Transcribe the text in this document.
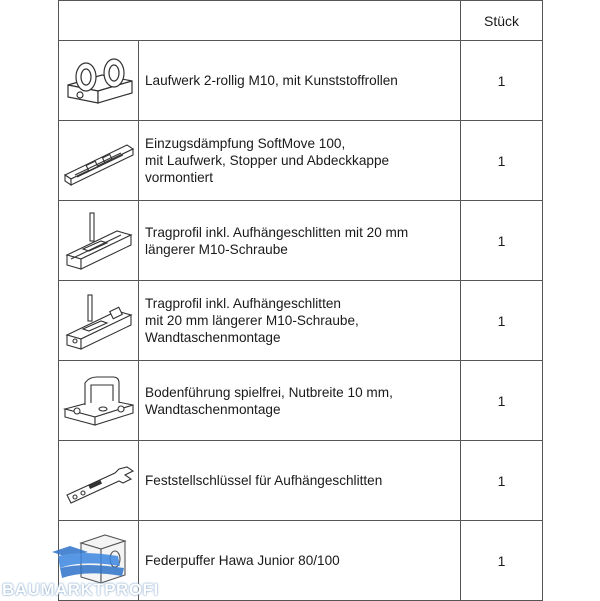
		Stück

Laufwerk 2-rollig M10, mit Kunststoffrollen	1

Einzugsdämpfung SoftMove 100,
mit Laufwerk, Stopper und Abdeckkappe
vormontiert	1

Tragprofil inkl. Aufhängeschlitten mit 20 mm
längerer M10-Schraube	1

Tragprofil inkl. Aufhängeschlitten
mit 20 mm längerer M10-Schraube,
Wandtaschenmontage	1

Bodenführung spielfrei, Nutbreite 10 mm,
Wandtaschenmontage	1

Feststellschlüssel für Aufhängeschlitten	1

Federpuffer Hawa Junior 80/100	1
BAUMARKTPROFI
